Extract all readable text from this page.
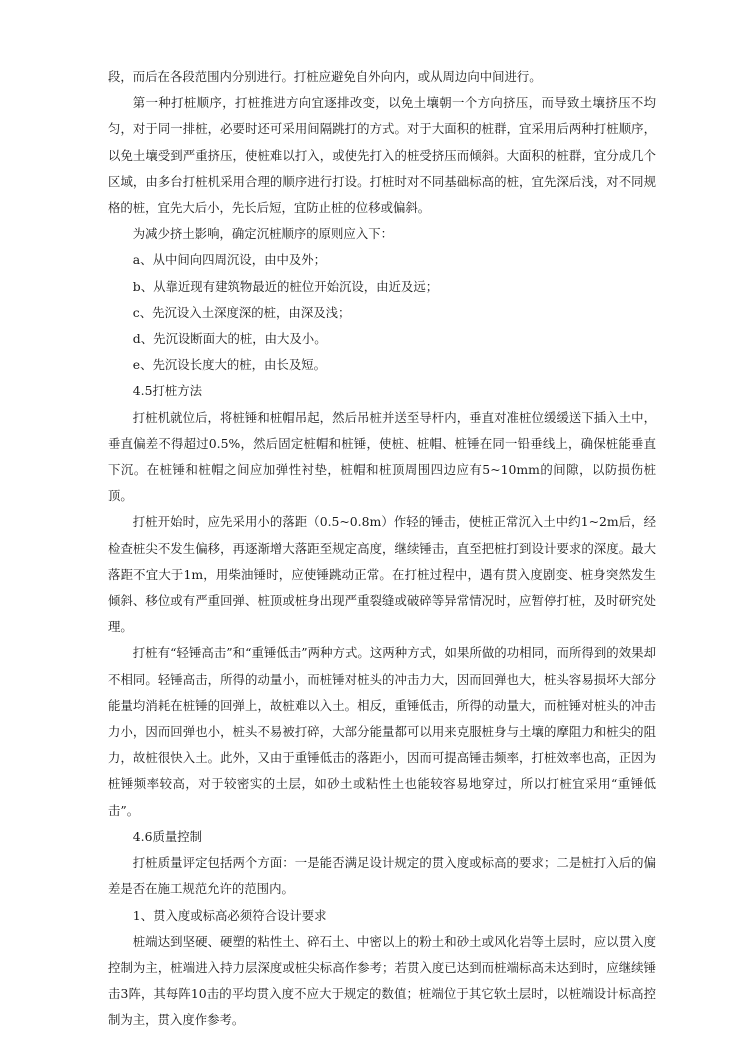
段，而后在各段范围内分别进行。打桩应避免自外向内，或从周边向中间进行。

第一种打桩顺序，打桩推进方向宜逐排改变，以免土壤朝一个方向挤压，而导致土壤挤压不均匀，对于同一排桩，必要时还可采用间隔跳打的方式。对于大面积的桩群，宜采用后两种打桩顺序，以免土壤受到严重挤压，使桩难以打入，或使先打入的桩受挤压而倾斜。大面积的桩群，宜分成几个区域，由多台打桩机采用合理的顺序进行打设。打桩时对不同基础标高的桩，宜先深后浅，对不同规格的桩，宜先大后小，先长后短，宜防止桩的位移或偏斜。

为减少挤土影响，确定沉桩顺序的原则应入下：

a、从中间向四周沉设，由中及外；

b、从靠近现有建筑物最近的桩位开始沉设，由近及远；

c、先沉设入土深度深的桩，由深及浅；

d、先沉设断面大的桩，由大及小。

e、先沉设长度大的桩，由长及短。

4.5打桩方法

打桩机就位后，将桩锤和桩帽吊起，然后吊桩并送至导杆内，垂直对准桩位缓缓送下插入土中，垂直偏差不得超过0.5%，然后固定桩帽和桩锤，使桩、桩帽、桩锤在同一铅垂线上，确保桩能垂直下沉。在桩锤和桩帽之间应加弹性衬垫，桩帽和桩顶周围四边应有5~10mm的间隙，以防损伤桩顶。

打桩开始时，应先采用小的落距（0.5~0.8m）作轻的锤击，使桩正常沉入土中约1~2m后，经检查桩尖不发生偏移，再逐渐增大落距至规定高度，继续锤击，直至把桩打到设计要求的深度。最大落距不宜大于1m，用柴油锤时，应使锤跳动正常。在打桩过程中，遇有贯入度剧变、桩身突然发生倾斜、移位或有严重回弹、桩顶或桩身出现严重裂缝或破碎等异常情况时，应暂停打桩，及时研究处理。

打桩有“轻锤高击”和“重锤低击”两种方式。这两种方式，如果所做的功相同，而所得到的效果却不相同。轻锤高击，所得的动量小，而桩锤对桩头的冲击力大，因而回弹也大，桩头容易损坏大部分能量均消耗在桩锤的回弹上，故桩难以入土。相反，重锤低击，所得的动量大，而桩锤对桩头的冲击力小，因而回弹也小，桩头不易被打碎，大部分能量都可以用来克服桩身与土壤的摩阻力和桩尖的阻力，故桩很快入土。此外，又由于重锤低击的落距小，因而可提高锤击频率，打桩效率也高，正因为桩锤频率较高，对于较密实的土层，如砂土或粘性土也能较容易地穿过，所以打桩宜采用“重锤低击”。

4.6质量控制

打桩质量评定包括两个方面：一是能否满足设计规定的贯入度或标高的要求；二是桩打入后的偏差是否在施工规范允许的范围内。

1、贯入度或标高必须符合设计要求

桩端达到坚硬、硬塑的粘性土、碎石土、中密以上的粉土和砂土或风化岩等土层时，应以贯入度控制为主，桩端进入持力层深度或桩尖标高作参考；若贯入度已达到而桩端标高未达到时，应继续锤击3阵，其每阵10击的平均贯入度不应大于规定的数值；桩端位于其它软土层时，以桩端设计标高控制为主，贯入度作参考。
